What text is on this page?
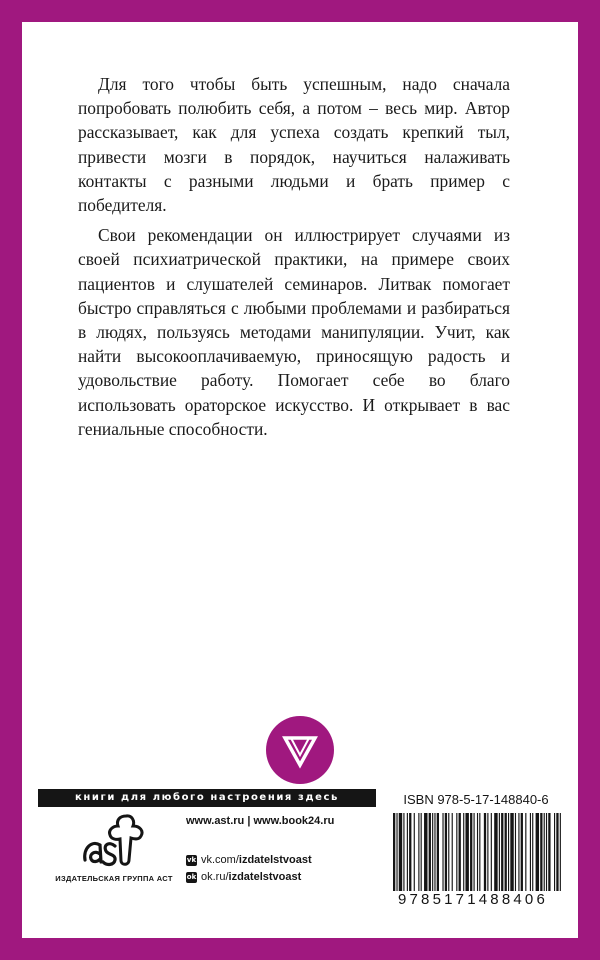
Для того чтобы быть успешным, надо сначала попробовать полюбить себя, а потом – весь мир. Автор рассказывает, как для успеха создать крепкий тыл, привести мозги в порядок, научиться налаживать контакты с разными людьми и брать пример с победителя.

Свои рекомендации он иллюстрирует случаями из своей психиатрической практики, на примере своих пациентов и слушателей семинаров. Литвак помогает быстро справляться с любыми проблемами и разбираться в людях, пользуясь методами манипуляции. Учит, как найти высокооплачиваемую, приносящую радость и удовольствие работу. Помогает себе во благо использовать ораторское искусство. И открывает в вас гениальные способности.

книги для любого настроения здесь
ИЗДАТЕЛЬСКАЯ ГРУППА АСТ
www.ast.ru | www.book24.ru
vk vk.com/ izdatelstvoast
ok ok.ru/ izdatelstvoast
ISBN 978-5-17-148840-6
9785171488406
